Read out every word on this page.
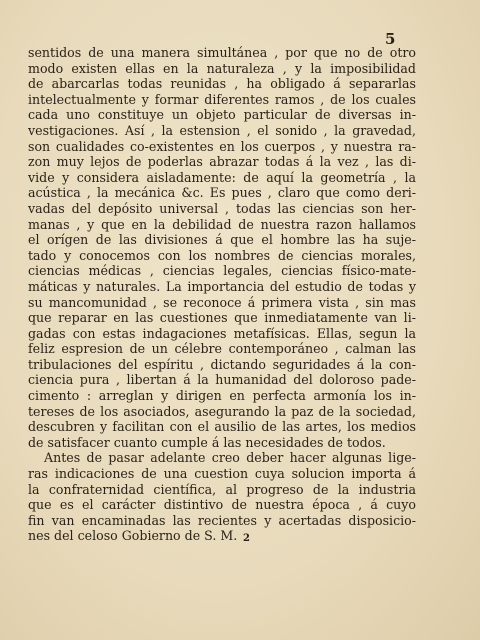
5

sentidos de una manera simultánea , por que no de otro
modo existen ellas en la naturaleza , y la imposibilidad
de abarcarlas todas reunidas , ha obligado á separarlas
intelectualmente y formar diferentes ramos , de los cuales
cada uno constituye un objeto particular de diversas in-
vestigaciones. Así , la estension , el sonido , la gravedad,
son cualidades co-existentes en los cuerpos , y nuestra ra-
zon muy lejos de poderlas abrazar todas á la vez , las di-
vide y considera aisladamente: de aquí la geometría , la
acústica , la mecánica &c. Es pues , claro que como deri-
vadas del depósito universal , todas las ciencias son her-
manas , y que en la debilidad de nuestra razon hallamos
el orígen de las divisiones á que el hombre las ha suje-
tado y conocemos con los nombres de ciencias morales,
ciencias médicas , ciencias legales, ciencias físico-mate-
máticas y naturales. La importancia del estudio de todas y
su mancomunidad , se reconoce á primera vista , sin mas
que reparar en las cuestiones que inmediatamente van li-
gadas con estas indagaciones metafísicas. Ellas, segun la
feliz espresion de un célebre contemporáneo , calman las
tribulaciones del espíritu , dictando seguridades á la con-
ciencia pura , libertan á la humanidad del doloroso pade-
cimento : arreglan y dirigen en perfecta armonía los in-
tereses de los asociados, asegurando la paz de la sociedad,
descubren y facilitan con el ausilio de las artes, los medios
de satisfacer cuanto cumple á las necesidades de todos.
Antes de pasar adelante creo deber hacer algunas lige-
ras indicaciones de una cuestion cuya solucion importa á
la confraternidad científica, al progreso de la industria
que es el carácter distintivo de nuestra época , á cuyo
fin van encaminadas las recientes y acertadas disposicio-
nes del celoso Gobierno de S. M. 2
